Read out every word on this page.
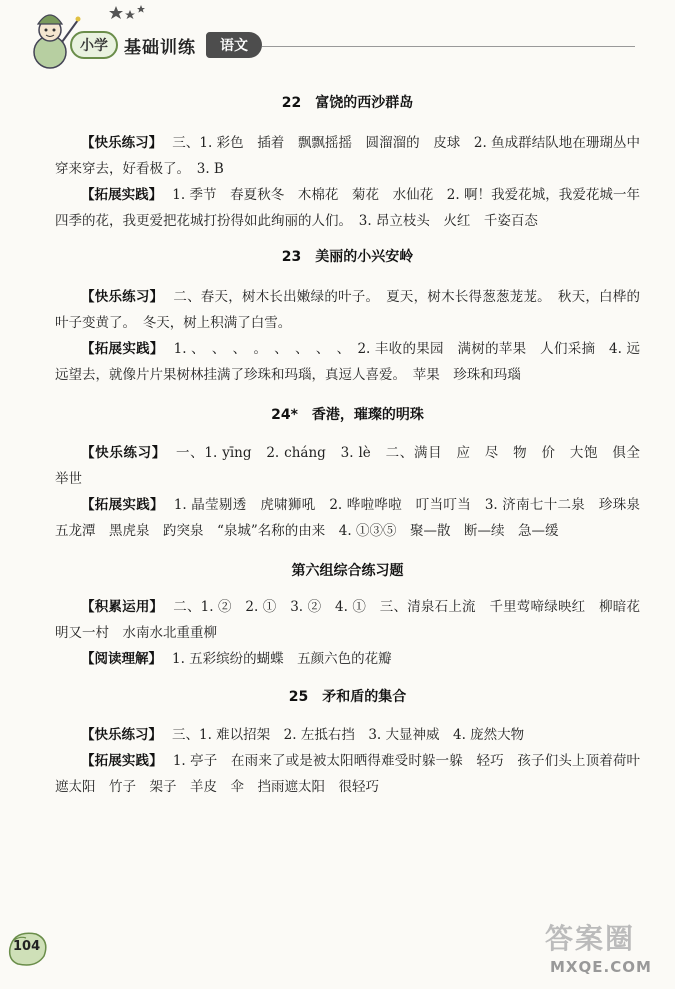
小学 基础训练	语文
22　富饶的西沙群岛

【快乐练习】 三、1. 彩色　插着　飘飘摇摇　圆溜溜的　皮球　2. 鱼成群结队地在珊瑚丛中穿来穿去，好看极了。　3. B

【拓展实践】 1. 季节　春夏秋冬　木棉花　菊花　水仙花　2. 啊！我爱花城，我爱花城一年四季的花，我更爱把花城打扮得如此绚丽的人们。　3. 昂立枝头　火红　千姿百态

23　美丽的小兴安岭

【快乐练习】 二、春天，树木长出嫩绿的叶子。　夏天，树木长得葱葱茏茏。　秋天，白桦的叶子变黄了。　冬天，树上积满了白雪。

【拓展实践】 1. 、　、　、　。　、　、　、　、　2. 丰收的果园　满树的苹果　人们采摘　4. 远远望去，就像片片果树林挂满了珍珠和玛瑙，真逗人喜爱。　苹果　珍珠和玛瑙

24*　香港，璀璨的明珠

【快乐练习】 一、1. yīng　2. cháng　3. lè　二、满目　应　尽　物　价　大饱　俱全　举世

【拓展实践】 1. 晶莹剔透　虎啸狮吼　2. 哗啦哗啦　叮当叮当　3. 济南七十二泉　珍珠泉　五龙潭　黑虎泉　趵突泉　“泉城”名称的由来　4. ①③⑤　聚—散　断—续　急—缓

第六组综合练习题

【积累运用】 二、1. ②　2. ①　3. ②　4. ①　三、清泉石上流　千里莺啼绿映红　柳暗花明又一村　水南水北重重柳

【阅读理解】 1. 五彩缤纷的蝴蝶　五颜六色的花瓣

25　矛和盾的集合

【快乐练习】 三、1. 难以招架　2. 左抵右挡　3. 大显神威　4. 庞然大物

【拓展实践】 1. 亭子　在雨来了或是被太阳晒得难受时躲一躲　轻巧　孩子们头上顶着荷叶遮太阳　竹子　架子　羊皮　伞　挡雨遮太阳　很轻巧

104	答案圈
MXQE.COM
